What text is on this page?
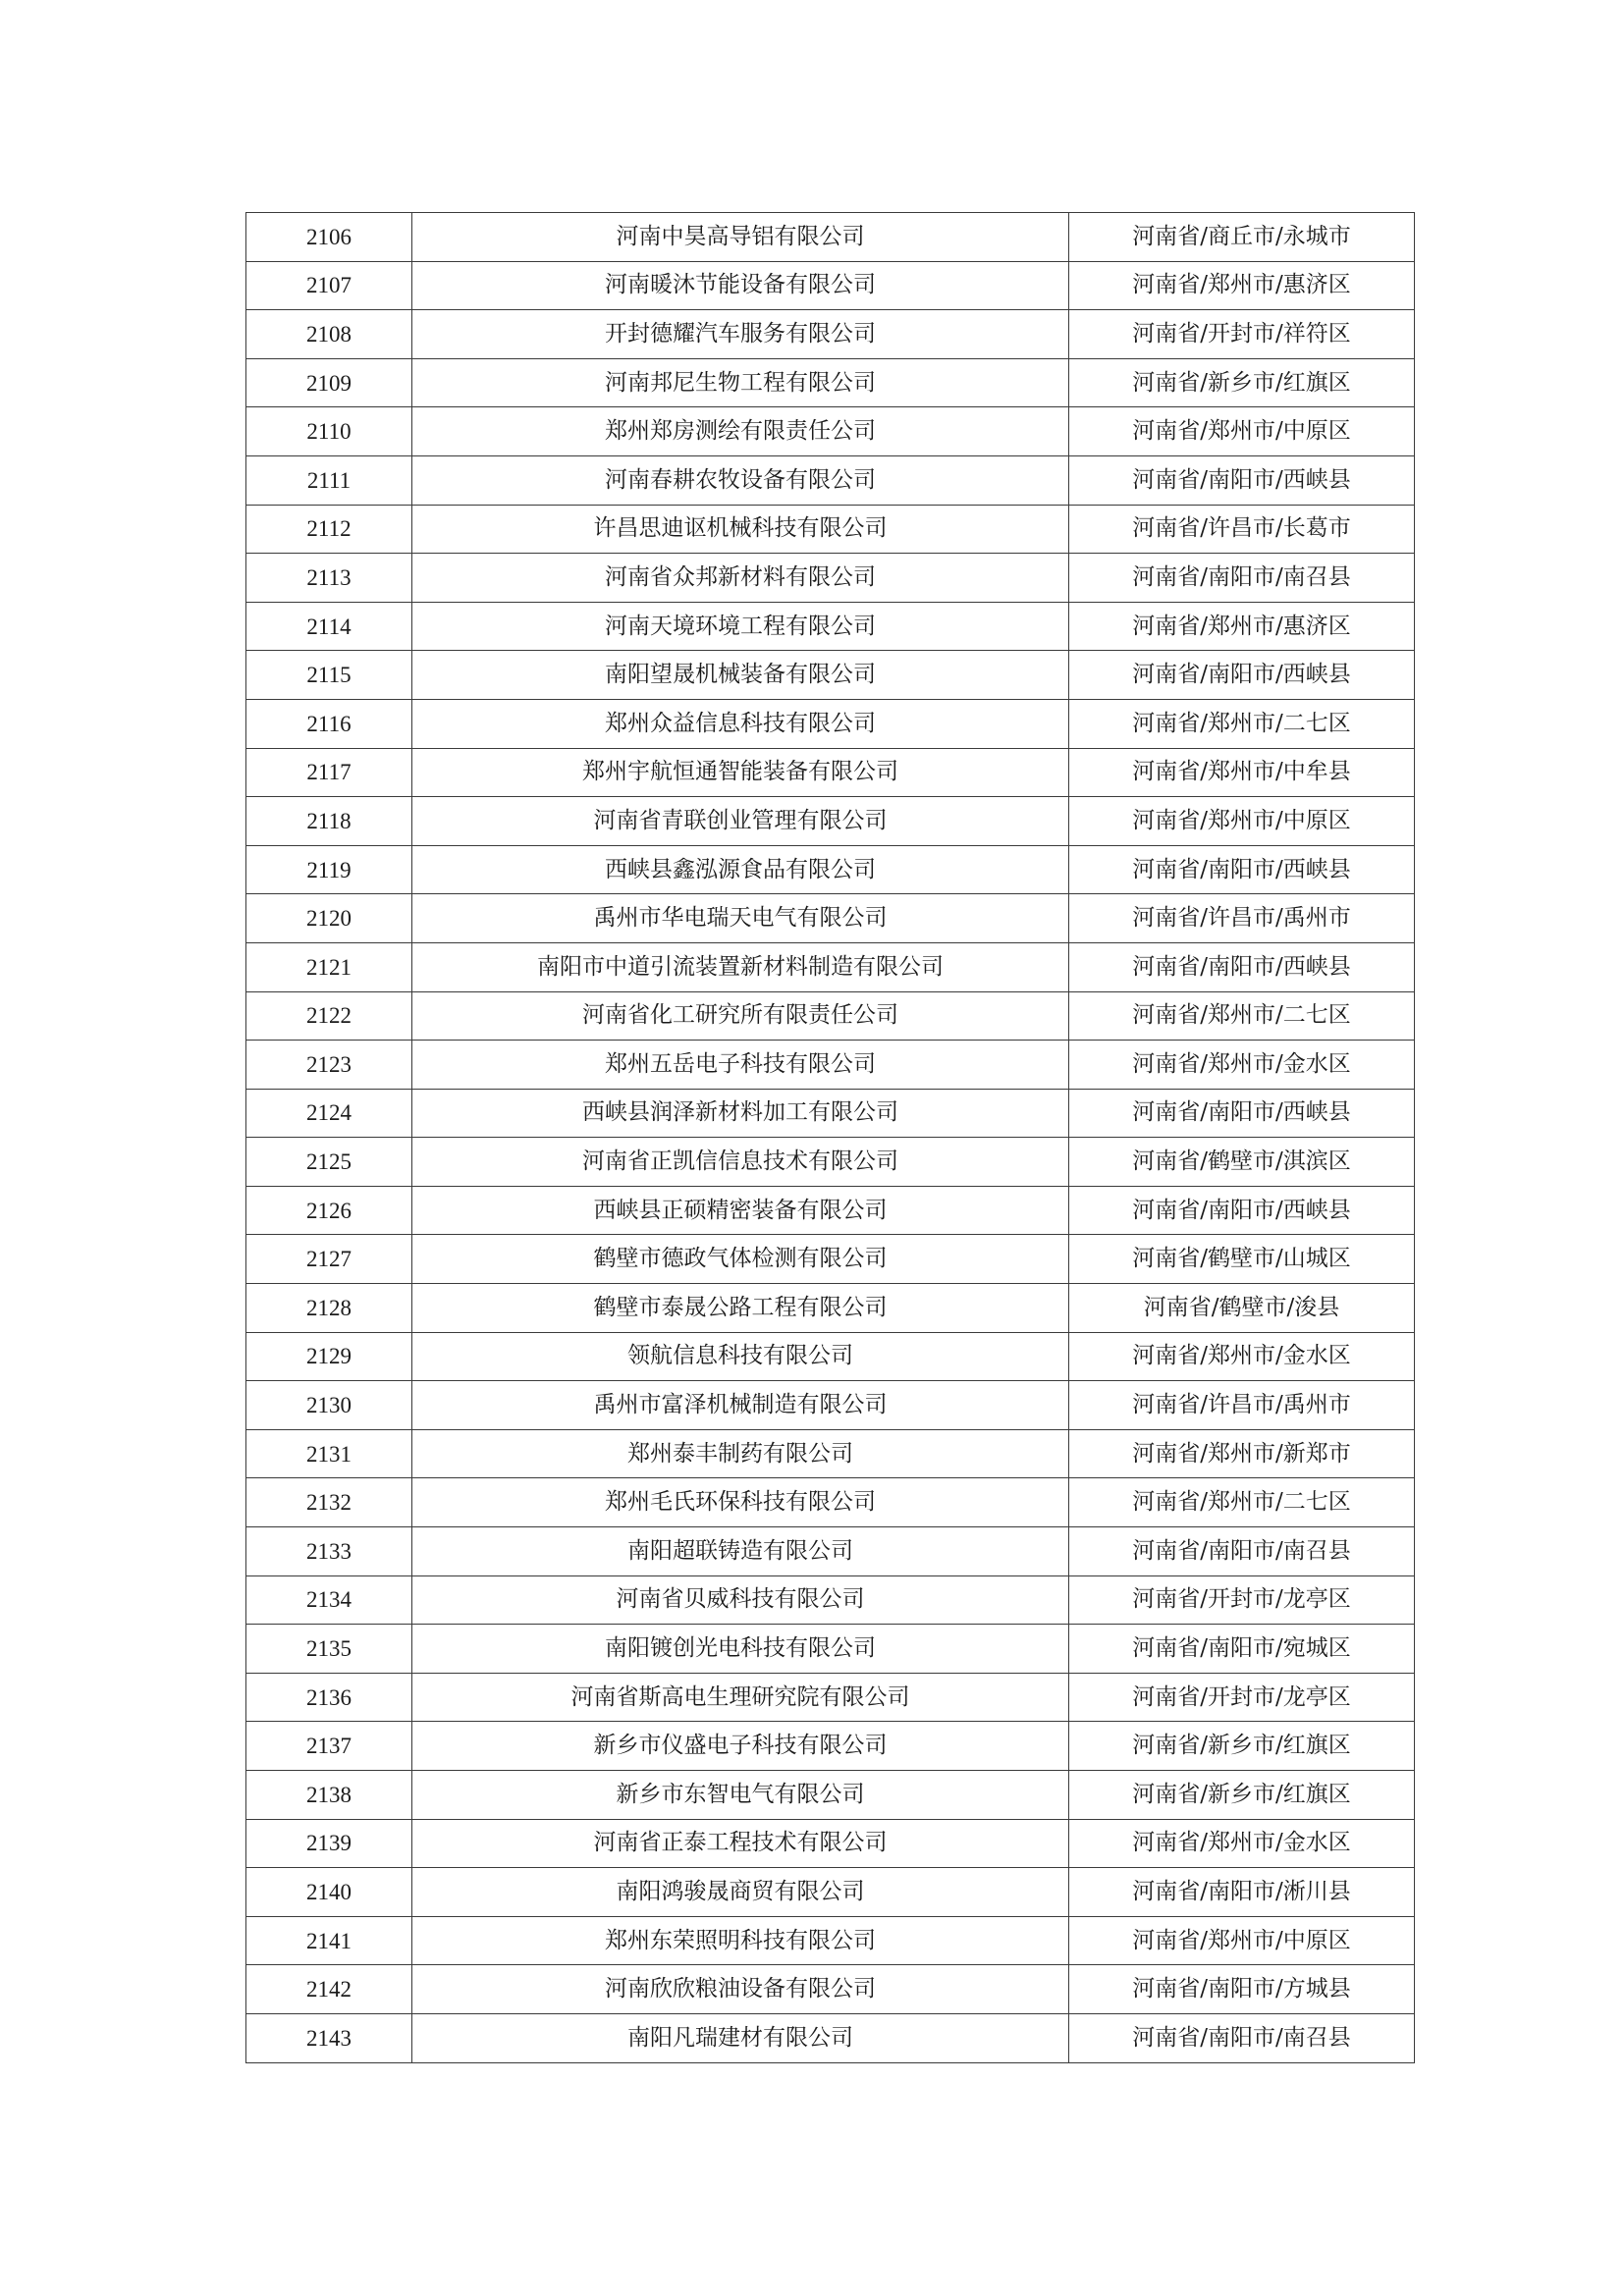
2106	河南中昊高导铝有限公司	河南省/商丘市/永城市
2107	河南暖沐节能设备有限公司	河南省/郑州市/惠济区
2108	开封德耀汽车服务有限公司	河南省/开封市/祥符区
2109	河南邦尼生物工程有限公司	河南省/新乡市/红旗区
2110	郑州郑房测绘有限责任公司	河南省/郑州市/中原区
2111	河南春耕农牧设备有限公司	河南省/南阳市/西峡县
2112	许昌思迪讴机械科技有限公司	河南省/许昌市/长葛市
2113	河南省众邦新材料有限公司	河南省/南阳市/南召县
2114	河南天境环境工程有限公司	河南省/郑州市/惠济区
2115	南阳望晟机械装备有限公司	河南省/南阳市/西峡县
2116	郑州众益信息科技有限公司	河南省/郑州市/二七区
2117	郑州宇航恒通智能装备有限公司	河南省/郑州市/中牟县
2118	河南省青联创业管理有限公司	河南省/郑州市/中原区
2119	西峡县鑫泓源食品有限公司	河南省/南阳市/西峡县
2120	禹州市华电瑞天电气有限公司	河南省/许昌市/禹州市
2121	南阳市中道引流装置新材料制造有限公司	河南省/南阳市/西峡县
2122	河南省化工研究所有限责任公司	河南省/郑州市/二七区
2123	郑州五岳电子科技有限公司	河南省/郑州市/金水区
2124	西峡县润泽新材料加工有限公司	河南省/南阳市/西峡县
2125	河南省正凯信信息技术有限公司	河南省/鹤壁市/淇滨区
2126	西峡县正硕精密装备有限公司	河南省/南阳市/西峡县
2127	鹤壁市德政气体检测有限公司	河南省/鹤壁市/山城区
2128	鹤壁市泰晟公路工程有限公司	河南省/鹤壁市/浚县
2129	领航信息科技有限公司	河南省/郑州市/金水区
2130	禹州市富泽机械制造有限公司	河南省/许昌市/禹州市
2131	郑州泰丰制药有限公司	河南省/郑州市/新郑市
2132	郑州毛氏环保科技有限公司	河南省/郑州市/二七区
2133	南阳超联铸造有限公司	河南省/南阳市/南召县
2134	河南省贝威科技有限公司	河南省/开封市/龙亭区
2135	南阳镀创光电科技有限公司	河南省/南阳市/宛城区
2136	河南省斯高电生理研究院有限公司	河南省/开封市/龙亭区
2137	新乡市仪盛电子科技有限公司	河南省/新乡市/红旗区
2138	新乡市东智电气有限公司	河南省/新乡市/红旗区
2139	河南省正泰工程技术有限公司	河南省/郑州市/金水区
2140	南阳鸿骏晟商贸有限公司	河南省/南阳市/淅川县
2141	郑州东荣照明科技有限公司	河南省/郑州市/中原区
2142	河南欣欣粮油设备有限公司	河南省/南阳市/方城县
2143	南阳凡瑞建材有限公司	河南省/南阳市/南召县
